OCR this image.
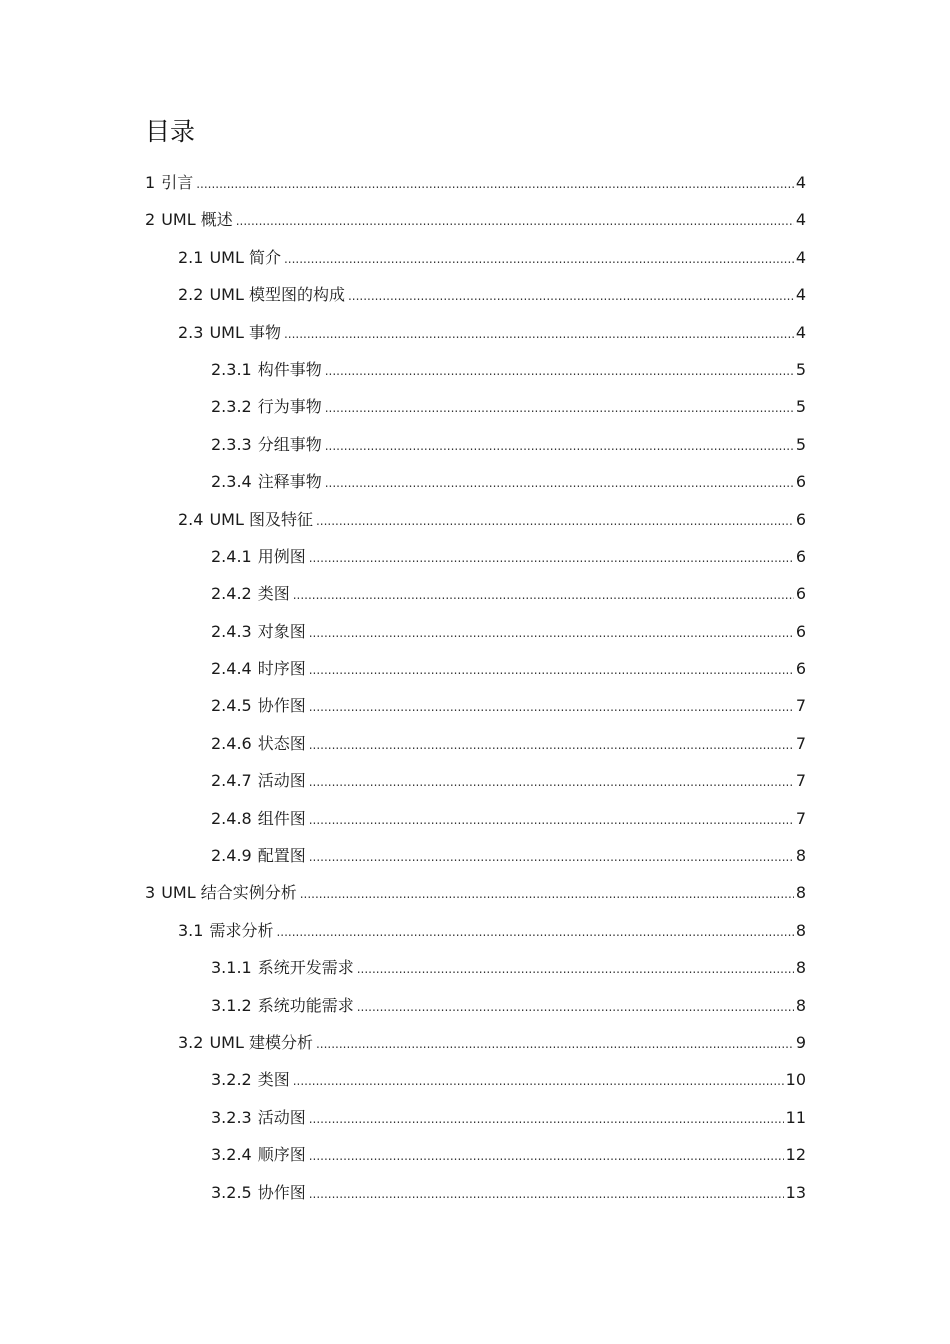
目录
1 引言 .....	4
2 UML 概述 .....	4
2.1 UML 简介 .....	4
2.2 UML 模型图的构成 .....	4
2.3 UML 事物 .....	4
2.3.1 构件事物 .....	5
2.3.2 行为事物 .....	5
2.3.3 分组事物 .....	5
2.3.4 注释事物 .....	6
2.4 UML 图及特征 .....	6
2.4.1 用例图 .....	6
2.4.2 类图 .....	6
2.4.3 对象图 .....	6
2.4.4 时序图 .....	6
2.4.5 协作图 .....	7
2.4.6 状态图 .....	7
2.4.7 活动图 .....	7
2.4.8 组件图 .....	7
2.4.9 配置图 .....	8
3 UML 结合实例分析 .....	8
3.1 需求分析 .....	8
3.1.1 系统开发需求 .....	8
3.1.2 系统功能需求 .....	8
3.2 UML 建模分析 .....	9
3.2.2 类图 .....	10
3.2.3 活动图 .....	11
3.2.4 顺序图 .....	12
3.2.5 协作图 .....	13
